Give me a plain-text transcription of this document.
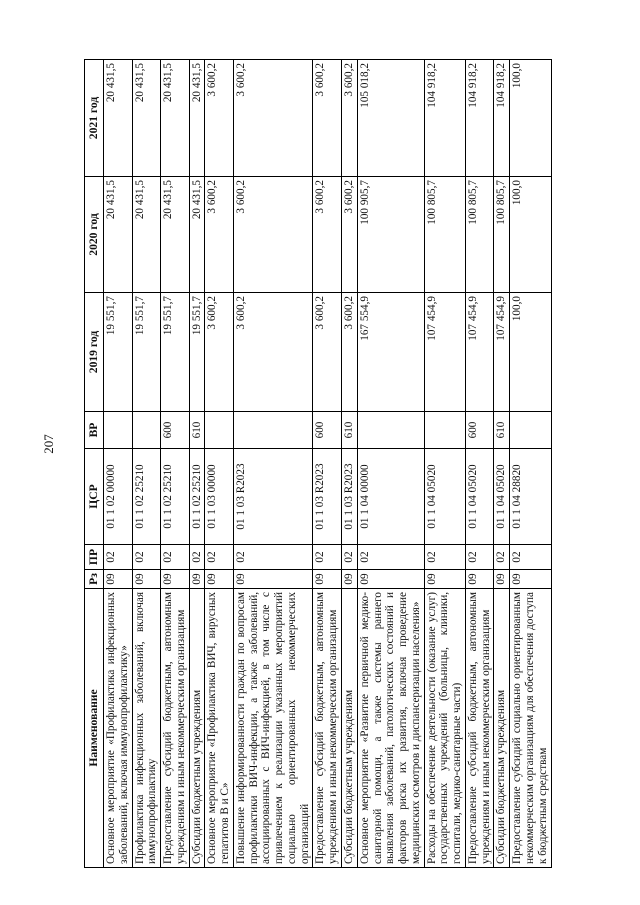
207
Наименование	Рз	ПР	ЦСР	ВР	2019 год	2020 год	2021 год
Основное мероприятие «Профилактика инфекционных заболеваний, включая иммунопрофилактику»	09	02	01 1 02 00000		19 551,7	20 431,5	20 431,5
Профилактика инфекционных заболеваний, включая иммунопрофилактику	09	02	01 1 02 25210		19 551,7	20 431,5	20 431,5
Предоставление субсидий бюджетным, автономным учреждениям и иным некоммерческим организациям	09	02	01 1 02 25210	600	19 551,7	20 431,5	20 431,5
Субсидии бюджетным учреждениям	09	02	01 1 02 25210	610	19 551,7	20 431,5	20 431,5
Основное мероприятие «Профилактика ВИЧ, вирусных гепатитов В и С»	09	02	01 1 03 00000		3 600,2	3 600,2	3 600,2
Повышение информированности граждан по вопросам профилактики ВИЧ-инфекции, а также заболеваний, ассоциированных с ВИЧ-инфекцией, в том числе с привлечением к реализации указанных мероприятий социально ориентированных некоммерческих организаций	09	02	01 1 03 R2023		3 600,2	3 600,2	3 600,2
Предоставление субсидий бюджетным, автономным учреждениям и иным некоммерческим организациям	09	02	01 1 03 R2023	600	3 600,2	3 600,2	3 600,2
Субсидии бюджетным учреждениям	09	02	01 1 03 R2023	610	3 600,2	3 600,2	3 600,2
Основное мероприятие «Развитие первичной медико-санитарной помощи, а также системы раннего выявления заболеваний, патологических состояний и факторов риска их развития, включая проведение медицинских осмотров и диспансеризации населения»	09	02	01 1 04 00000		167 554,9	100 905,7	105 018,2
Расходы на обеспечение деятельности (оказание услуг) государственных учреждений (больницы, клиники, госпитали, медико-санитарные части)	09	02	01 1 04 05020		107 454,9	100 805,7	104 918,2
Предоставление субсидий бюджетным, автономным учреждениям и иным некоммерческим организациям	09	02	01 1 04 05020	600	107 454,9	100 805,7	104 918,2
Субсидии бюджетным учреждениям	09	02	01 1 04 05020	610	107 454,9	100 805,7	104 918,2
Предоставление субсидий социально ориентированным некоммерческим организациям для обеспечения доступа к бюджетным средствам	09	02	01 1 04 28820		100,0	100,0	100,0
